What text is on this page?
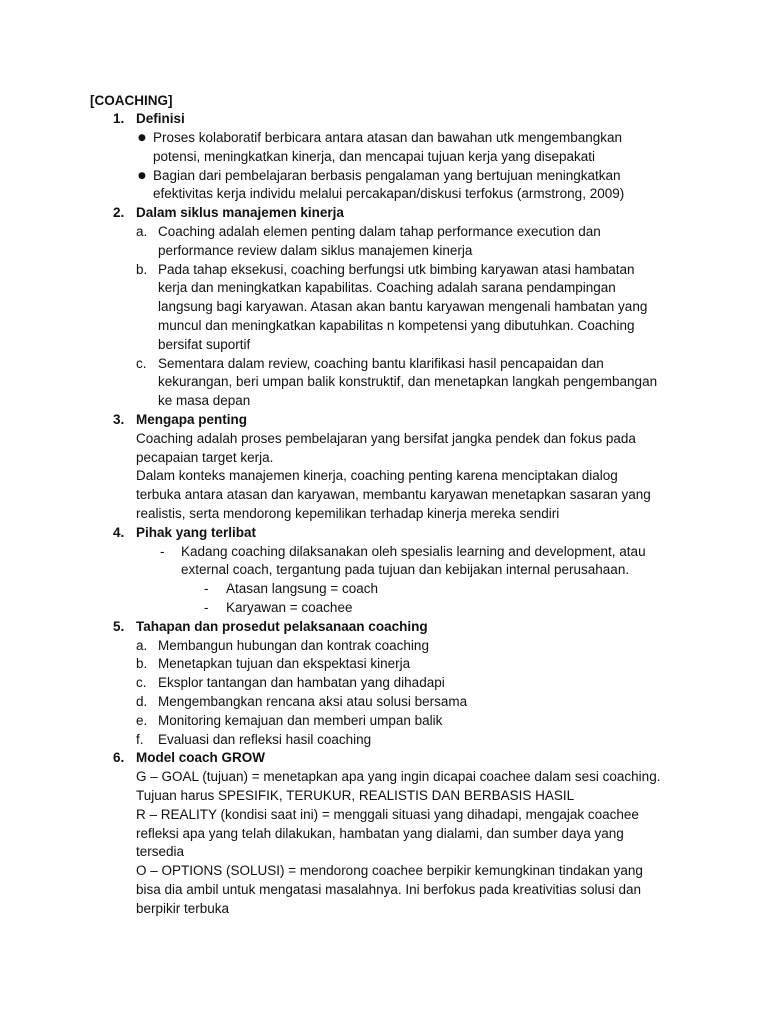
[COACHING]
1. Definisi
● Proses kolaboratif berbicara antara atasan dan bawahan utk mengembangkan
potensi, meningkatkan kinerja, dan mencapai tujuan kerja yang disepakati
● Bagian dari pembelajaran berbasis pengalaman yang bertujuan meningkatkan
efektivitas kerja individu melalui percakapan/diskusi terfokus (armstrong, 2009)
2. Dalam siklus manajemen kinerja
a. Coaching adalah elemen penting dalam tahap performance execution dan
performance review dalam siklus manajemen kinerja
b. Pada tahap eksekusi, coaching berfungsi utk bimbing karyawan atasi hambatan
kerja dan meningkatkan kapabilitas. Coaching adalah sarana pendampingan
langsung bagi karyawan. Atasan akan bantu karyawan mengenali hambatan yang
muncul dan meningkatkan kapabilitas n kompetensi yang dibutuhkan. Coaching
bersifat suportif
c. Sementara dalam review, coaching bantu klarifikasi hasil pencapaidan dan
kekurangan, beri umpan balik konstruktif, dan menetapkan langkah pengembangan
ke masa depan
3. Mengapa penting
Coaching adalah proses pembelajaran yang bersifat jangka pendek dan fokus pada
pecapaian target kerja.
Dalam konteks manajemen kinerja, coaching penting karena menciptakan dialog
terbuka antara atasan dan karyawan, membantu karyawan menetapkan sasaran yang
realistis, serta mendorong kepemilikan terhadap kinerja mereka sendiri
4. Pihak yang terlibat
- Kadang coaching dilaksanakan oleh spesialis learning and development, atau
external coach, tergantung pada tujuan dan kebijakan internal perusahaan.
- Atasan langsung = coach
- Karyawan = coachee
5. Tahapan dan prosedut pelaksanaan coaching
a. Membangun hubungan dan kontrak coaching
b. Menetapkan tujuan dan ekspektasi kinerja
c. Eksplor tantangan dan hambatan yang dihadapi
d. Mengembangkan rencana aksi atau solusi bersama
e. Monitoring kemajuan dan memberi umpan balik
f. Evaluasi dan refleksi hasil coaching
6. Model coach GROW
G – GOAL (tujuan) = menetapkan apa yang ingin dicapai coachee dalam sesi coaching.
Tujuan harus SPESIFIK, TERUKUR, REALISTIS DAN BERBASIS HASIL
R – REALITY (kondisi saat ini) = menggali situasi yang dihadapi, mengajak coachee
refleksi apa yang telah dilakukan, hambatan yang dialami, dan sumber daya yang
tersedia
O – OPTIONS (SOLUSI) = mendorong coachee berpikir kemungkinan tindakan yang
bisa dia ambil untuk mengatasi masalahnya. Ini berfokus pada kreativitias solusi dan
berpikir terbuka
